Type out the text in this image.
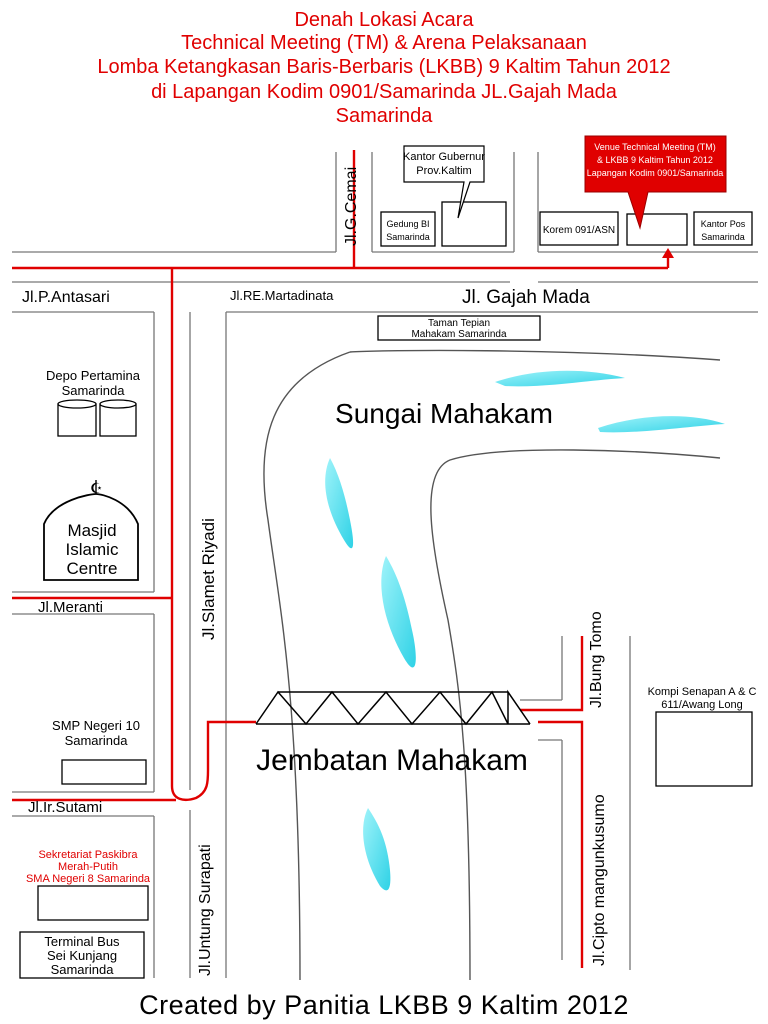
Denah Lokasi Acara
Technical Meeting (TM) & Arena Pelaksanaan
Lomba Ketangkasan Baris-Berbaris (LKBB) 9 Kaltim Tahun 2012
di Lapangan Kodim 0901/Samarinda JL.Gajah Mada
Samarinda
☪
Jl.G.Cemai
Jl.P.Antasari	Jl.RE.Martadinata	Jl. Gajah Mada
Jl.Slamet Riyadi
Jl.Meranti
Jl.Ir.Sutami
Jl.Untung Surapati
Jl.Bung Tomo
Jl.Cipto mangunkusumo
Kantor Gubernur
Prov.Kaltim
Gedung BI
Samarinda
Korem 091/ASN
Kantor Pos
Samarinda
Taman Tepian
Mahakam Samarinda
Depo Pertamina
Samarinda
Masjid
Islamic
Centre
SMP Negeri 10
Samarinda
Sekretariat Paskibra
Merah-Putih
SMA Negeri 8 Samarinda
Terminal Bus
Sei Kunjang
Samarinda
Kompi Senapan A & C
611/Awang Long
Sungai Mahakam
Jembatan Mahakam
Venue Technical Meeting (TM)
& LKBB 9 Kaltim Tahun 2012
Lapangan Kodim 0901/Samarinda
Created by Panitia LKBB 9 Kaltim 2012
